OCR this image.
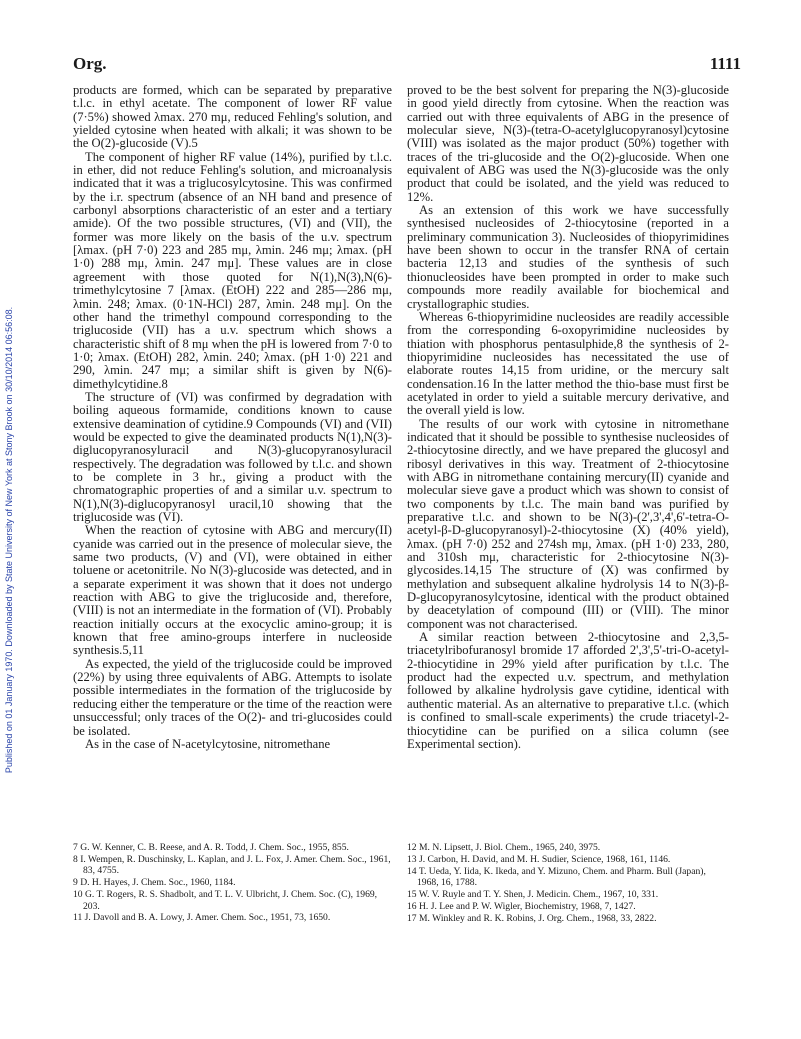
Published on 01 January 1970. Downloaded by State University of New York at Stony Brook on 30/10/2014 06:56:08.
Org.	1111

products are formed, which can be separated by preparative t.l.c. in ethyl acetate. The component of lower RF value (7·5%) showed λmax. 270 mμ, reduced Fehling's solution, and yielded cytosine when heated with alkali; it was shown to be the O(2)-glucoside (V).5

The component of higher RF value (14%), purified by t.l.c. in ether, did not reduce Fehling's solution, and microanalysis indicated that it was a triglucosylcytosine. This was confirmed by the i.r. spectrum (absence of an NH band and presence of carbonyl absorptions characteristic of an ester and a tertiary amide). Of the two possible structures, (VI) and (VII), the former was more likely on the basis of the u.v. spectrum [λmax. (pH 7·0) 223 and 285 mμ, λmin. 246 mμ; λmax. (pH 1·0) 288 mμ, λmin. 247 mμ]. These values are in close agreement with those quoted for N(1),N(3),N(6)-trimethylcytosine 7 [λmax. (EtOH) 222 and 285—286 mμ, λmin. 248; λmax. (0·1N-HCl) 287, λmin. 248 mμ]. On the other hand the trimethyl compound corresponding to the triglucoside (VII) has a u.v. spectrum which shows a characteristic shift of 8 mμ when the pH is lowered from 7·0 to 1·0; λmax. (EtOH) 282, λmin. 240; λmax. (pH 1·0) 221 and 290, λmin. 247 mμ; a similar shift is given by N(6)-dimethylcytidine.8

The structure of (VI) was confirmed by degradation with boiling aqueous formamide, conditions known to cause extensive deamination of cytidine.9 Compounds (VI) and (VII) would be expected to give the deaminated products N(1),N(3)-diglucopyranosyluracil and N(3)-glucopyranosyluracil respectively. The degradation was followed by t.l.c. and shown to be complete in 3 hr., giving a product with the chromatographic properties of and a similar u.v. spectrum to N(1),N(3)-diglucopyranosyl uracil,10 showing that the triglucoside was (VI).

When the reaction of cytosine with ABG and mercury(II) cyanide was carried out in the presence of molecular sieve, the same two products, (V) and (VI), were obtained in either toluene or acetonitrile. No N(3)-glucoside was detected, and in a separate experiment it was shown that it does not undergo reaction with ABG to give the triglucoside and, therefore, (VIII) is not an intermediate in the formation of (VI). Probably reaction initially occurs at the exocyclic amino-group; it is known that free amino-groups interfere in nucleoside synthesis.5,11

As expected, the yield of the triglucoside could be improved (22%) by using three equivalents of ABG. Attempts to isolate possible intermediates in the formation of the triglucoside by reducing either the temperature or the time of the reaction were unsuccessful; only traces of the O(2)- and tri-glucosides could be isolated.

As in the case of N-acetylcytosine, nitromethane

proved to be the best solvent for preparing the N(3)-glucoside in good yield directly from cytosine. When the reaction was carried out with three equivalents of ABG in the presence of molecular sieve, N(3)-(tetra-O-acetylglucopyranosyl)cytosine (VIII) was isolated as the major product (50%) together with traces of the tri-glucoside and the O(2)-glucoside. When one equivalent of ABG was used the N(3)-glucoside was the only product that could be isolated, and the yield was reduced to 12%.

As an extension of this work we have successfully synthesised nucleosides of 2-thiocytosine (reported in a preliminary communication 3). Nucleosides of thiopyrimidines have been shown to occur in the transfer RNA of certain bacteria 12,13 and studies of the synthesis of such thionucleosides have been prompted in order to make such compounds more readily available for biochemical and crystallographic studies.

Whereas 6-thiopyrimidine nucleosides are readily accessible from the corresponding 6-oxopyrimidine nucleosides by thiation with phosphorus pentasulphide,8 the synthesis of 2-thiopyrimidine nucleosides has necessitated the use of elaborate routes 14,15 from uridine, or the mercury salt condensation.16 In the latter method the thio-base must first be acetylated in order to yield a suitable mercury derivative, and the overall yield is low.

The results of our work with cytosine in nitromethane indicated that it should be possible to synthesise nucleosides of 2-thiocytosine directly, and we have prepared the glucosyl and ribosyl derivatives in this way. Treatment of 2-thiocytosine with ABG in nitromethane containing mercury(II) cyanide and molecular sieve gave a product which was shown to consist of two components by t.l.c. The main band was purified by preparative t.l.c. and shown to be N(3)-(2',3',4',6'-tetra-O-acetyl-β-D-glucopyranosyl)-2-thiocytosine (X) (40% yield), λmax. (pH 7·0) 252 and 274sh mμ, λmax. (pH 1·0) 233, 280, and 310sh mμ, characteristic for 2-thiocytosine N(3)-glycosides.14,15 The structure of (X) was confirmed by methylation and subsequent alkaline hydrolysis 14 to N(3)-β-D-glucopyranosylcytosine, identical with the product obtained by deacetylation of compound (III) or (VIII). The minor component was not characterised.

A similar reaction between 2-thiocytosine and 2,3,5-triacetylribofuranosyl bromide 17 afforded 2',3',5'-tri-O-acetyl-2-thiocytidine in 29% yield after purification by t.l.c. The product had the expected u.v. spectrum, and methylation followed by alkaline hydrolysis gave cytidine, identical with authentic material. As an alternative to preparative t.l.c. (which is confined to small-scale experiments) the crude triacetyl-2-thiocytidine can be purified on a silica column (see Experimental section).

7 G. W. Kenner, C. B. Reese, and A. R. Todd, J. Chem. Soc., 1955, 855.

8 I. Wempen, R. Duschinsky, L. Kaplan, and J. L. Fox, J. Amer. Chem. Soc., 1961, 83, 4755.

9 D. H. Hayes, J. Chem. Soc., 1960, 1184.

10 G. T. Rogers, R. S. Shadbolt, and T. L. V. Ulbricht, J. Chem. Soc. (C), 1969, 203.

11 J. Davoll and B. A. Lowy, J. Amer. Chem. Soc., 1951, 73, 1650.

12 M. N. Lipsett, J. Biol. Chem., 1965, 240, 3975.

13 J. Carbon, H. David, and M. H. Sudier, Science, 1968, 161, 1146.

14 T. Ueda, Y. Iida, K. Ikeda, and Y. Mizuno, Chem. and Pharm. Bull (Japan), 1968, 16, 1788.

15 W. V. Ruyle and T. Y. Shen, J. Medicin. Chem., 1967, 10, 331.

16 H. J. Lee and P. W. Wigler, Biochemistry, 1968, 7, 1427.

17 M. Winkley and R. K. Robins, J. Org. Chem., 1968, 33, 2822.
